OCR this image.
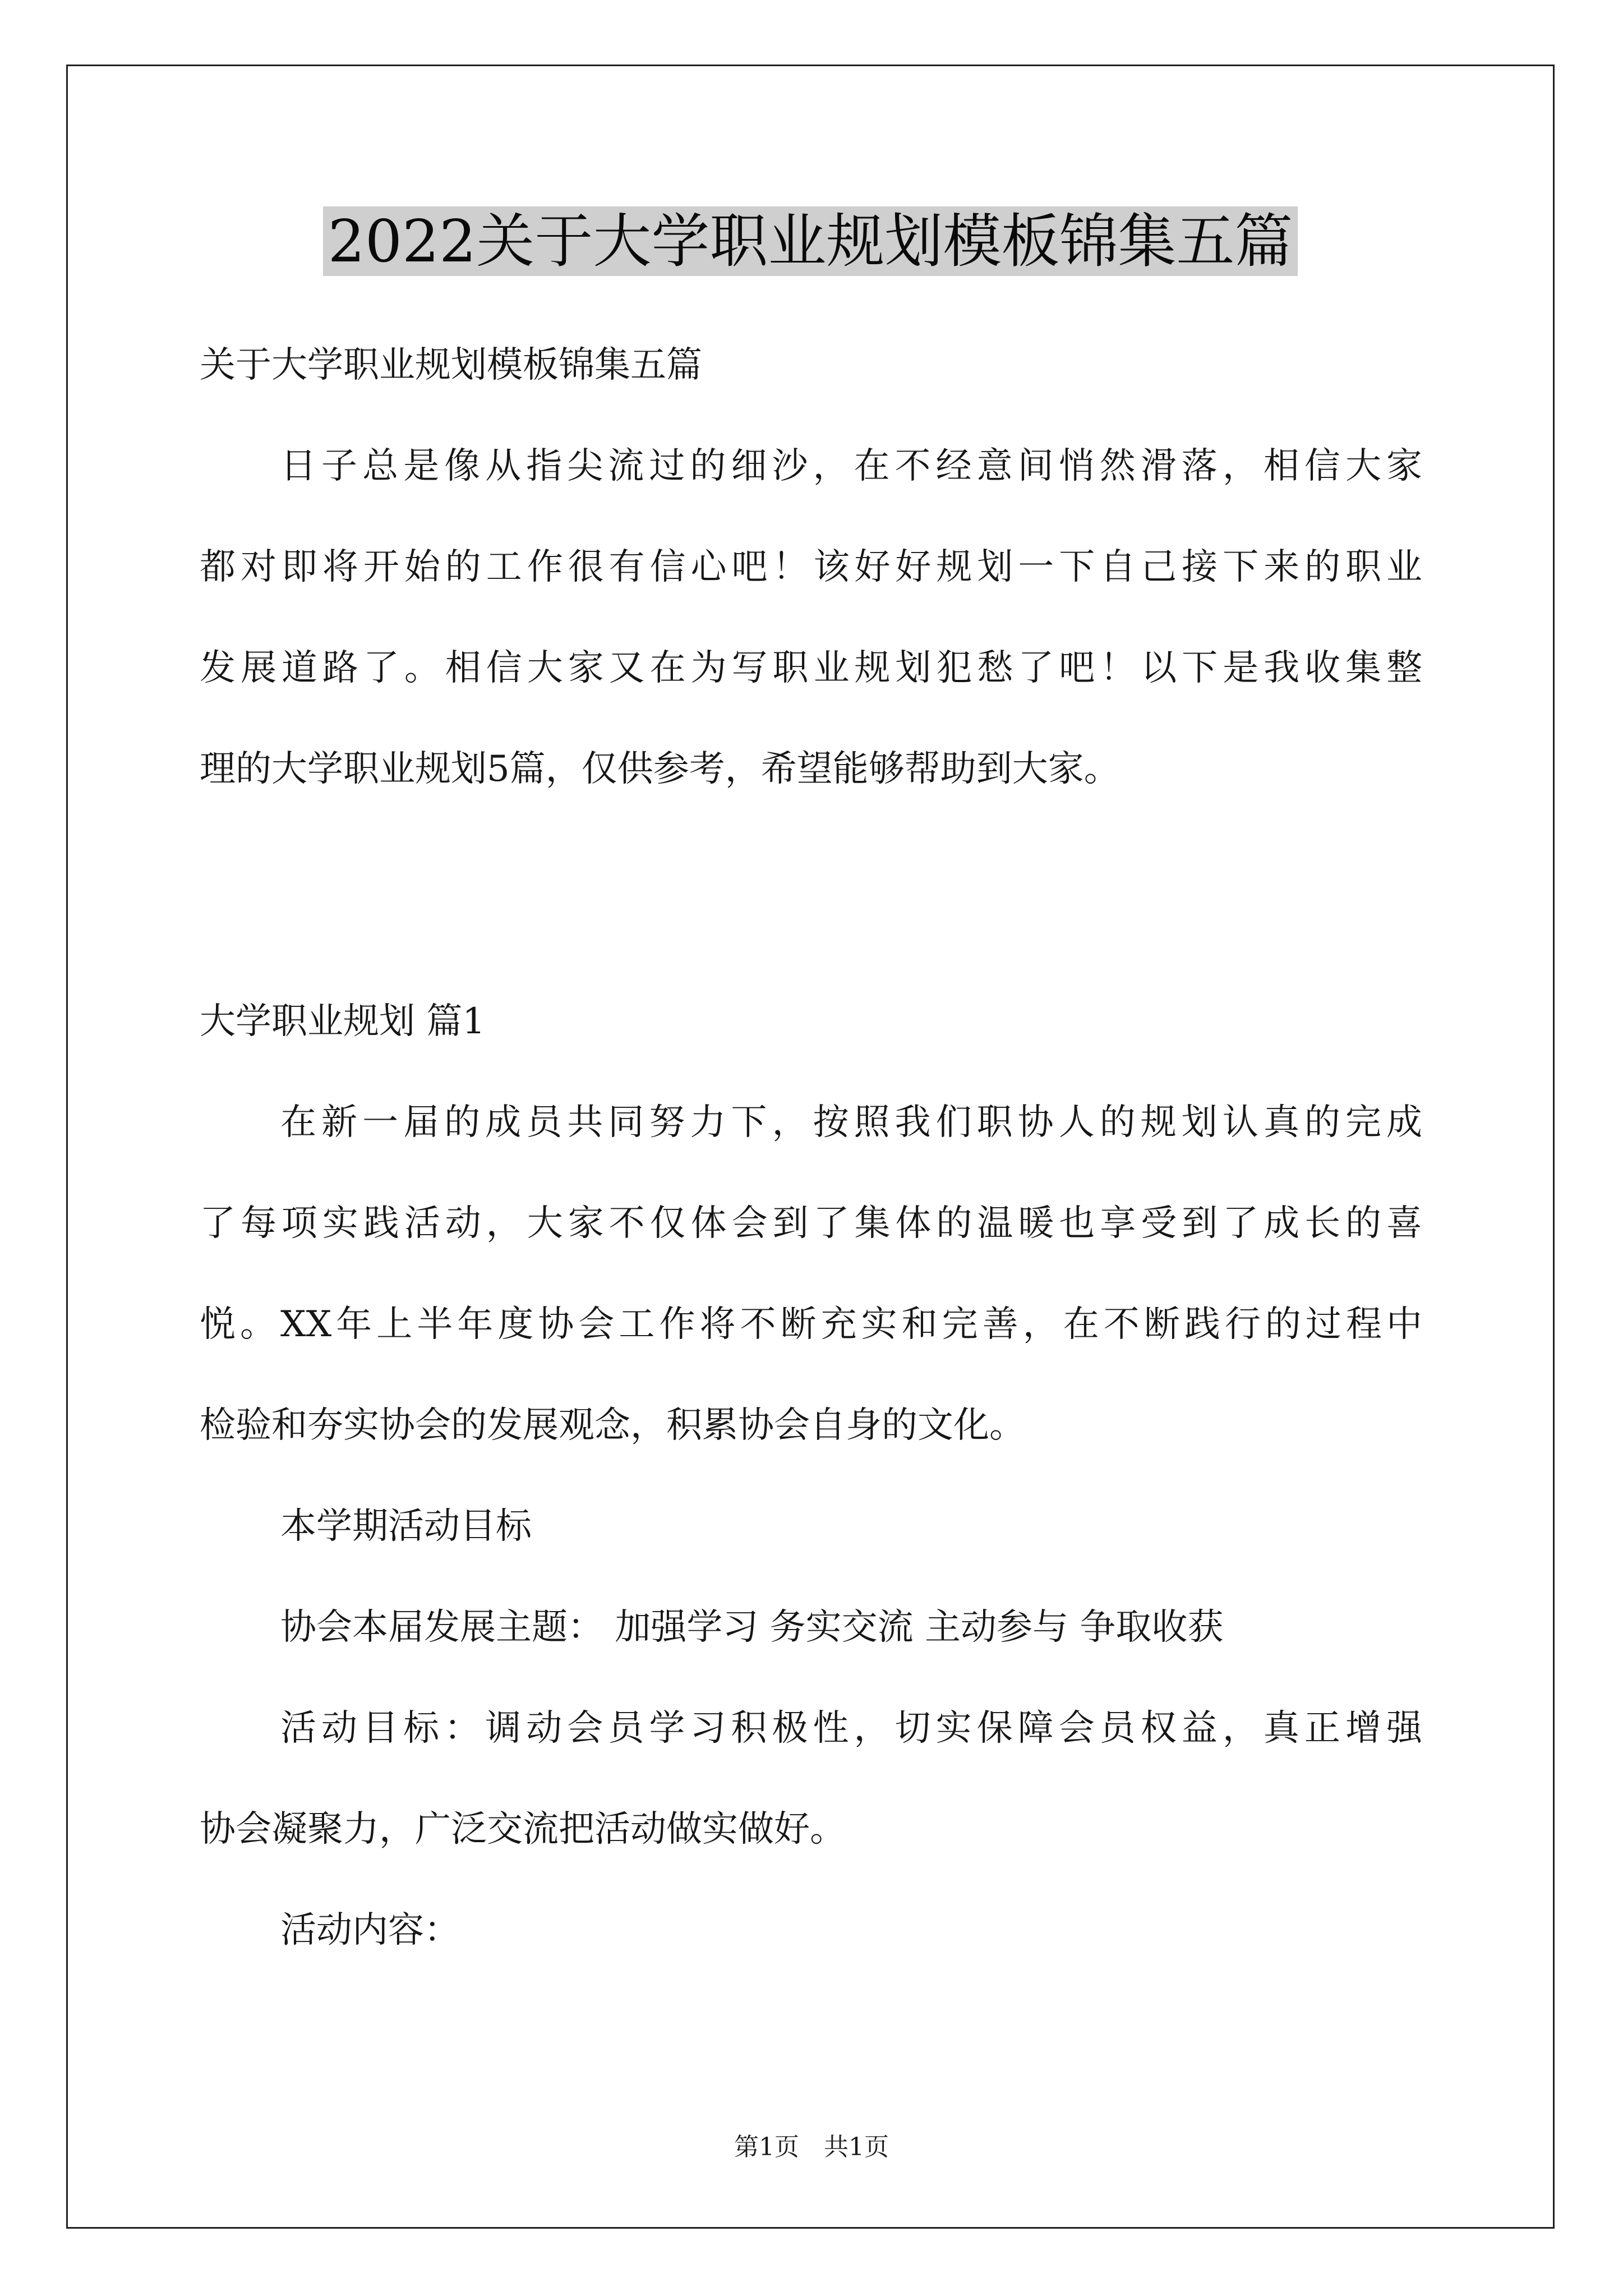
2022关于大学职业规划模板锦集五篇
关于大学职业规划模板锦集五篇
日子总是像从指尖流过的细沙，在不经意间悄然滑落，相信大家
都对即将开始的工作很有信心吧！该好好规划一下自己接下来的职业
发展道路了。相信大家又在为写职业规划犯愁了吧！以下是我收集整
理的大学职业规划5篇，仅供参考，希望能够帮助到大家。
大学职业规划 篇1
在新一届的成员共同努力下，按照我们职协人的规划认真的完成
了每项实践活动，大家不仅体会到了集体的温暖也享受到了成长的喜
悦。XX年上半年度协会工作将不断充实和完善，在不断践行的过程中
检验和夯实协会的发展观念，积累协会自身的文化。
本学期活动目标
协会本届发展主题： 加强学习 务实交流 主动参与 争取收获
活动目标：调动会员学习积极性，切实保障会员权益，真正增强
协会凝聚力，广泛交流把活动做实做好。
活动内容：
第1页　共1页
